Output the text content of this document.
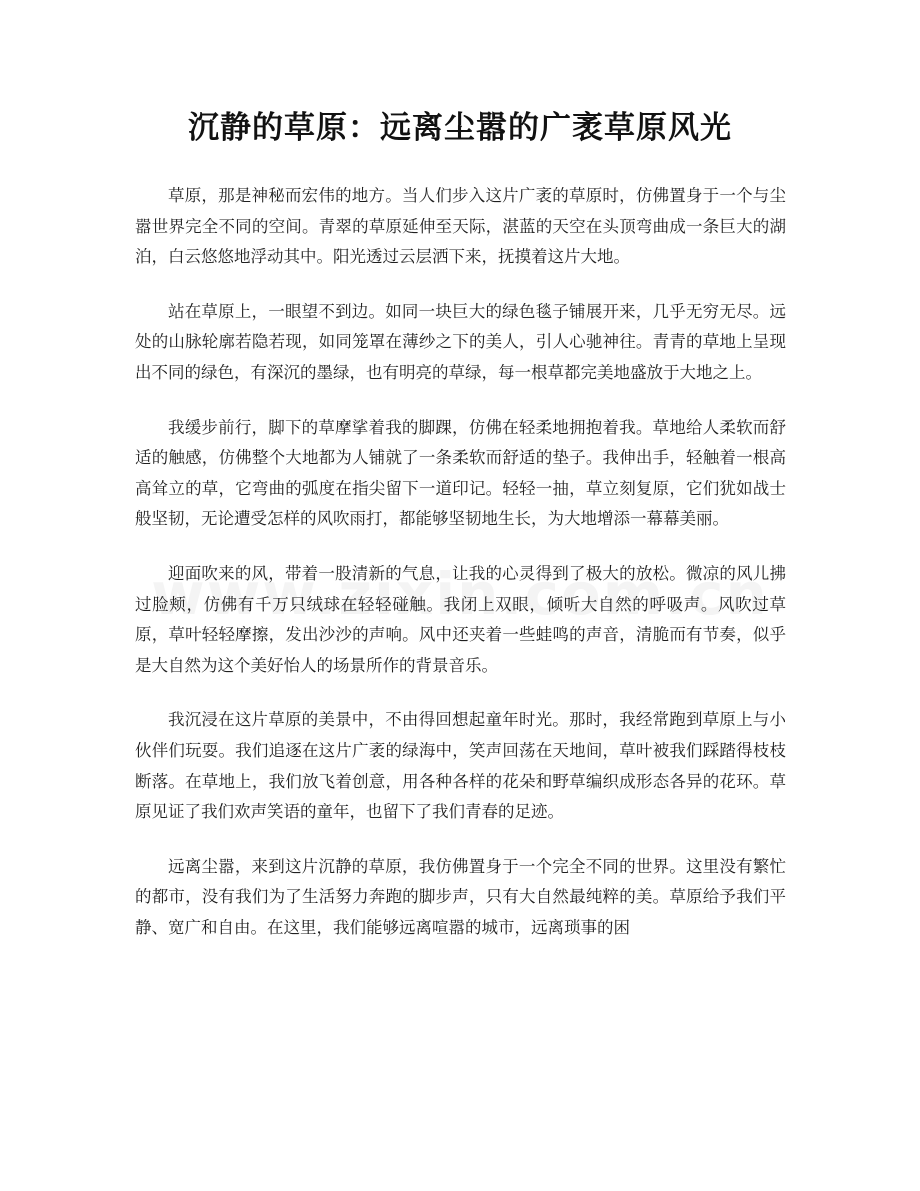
沉静的草原：远离尘嚣的广袤草原风光

草原，那是神秘而宏伟的地方。当人们步入这片广袤的草原时，仿佛置身于一个与尘嚣世界完全不同的空间。青翠的草原延伸至天际，湛蓝的天空在头顶弯曲成一条巨大的湖泊，白云悠悠地浮动其中。阳光透过云层洒下来，抚摸着这片大地。

站在草原上，一眼望不到边。如同一块巨大的绿色毯子铺展开来，几乎无穷无尽。远处的山脉轮廓若隐若现，如同笼罩在薄纱之下的美人，引人心驰神往。青青的草地上呈现出不同的绿色，有深沉的墨绿，也有明亮的草绿，每一根草都完美地盛放于大地之上。

我缓步前行，脚下的草摩挲着我的脚踝，仿佛在轻柔地拥抱着我。草地给人柔软而舒适的触感，仿佛整个大地都为人铺就了一条柔软而舒适的垫子。我伸出手，轻触着一根高高耸立的草，它弯曲的弧度在指尖留下一道印记。轻轻一抽，草立刻复原，它们犹如战士般坚韧，无论遭受怎样的风吹雨打，都能够坚韧地生长，为大地增添一幕幕美丽。

迎面吹来的风，带着一股清新的气息，让我的心灵得到了极大的放松。微凉的风儿拂过脸颊，仿佛有千万只绒球在轻轻碰触。我闭上双眼，倾听大自然的呼吸声。风吹过草原，草叶轻轻摩擦，发出沙沙的声响。风中还夹着一些蛙鸣的声音，清脆而有节奏，似乎是大自然为这个美好怡人的场景所作的背景音乐。

我沉浸在这片草原的美景中，不由得回想起童年时光。那时，我经常跑到草原上与小伙伴们玩耍。我们追逐在这片广袤的绿海中，笑声回荡在天地间，草叶被我们踩踏得枝枝断落。在草地上，我们放飞着创意，用各种各样的花朵和野草编织成形态各异的花环。草原见证了我们欢声笑语的童年，也留下了我们青春的足迹。

远离尘嚣，来到这片沉静的草原，我仿佛置身于一个完全不同的世界。这里没有繁忙的都市，没有我们为了生活努力奔跑的脚步声，只有大自然最纯粹的美。草原给予我们平静、宽广和自由。在这里，我们能够远离喧嚣的城市，远离琐事的困
